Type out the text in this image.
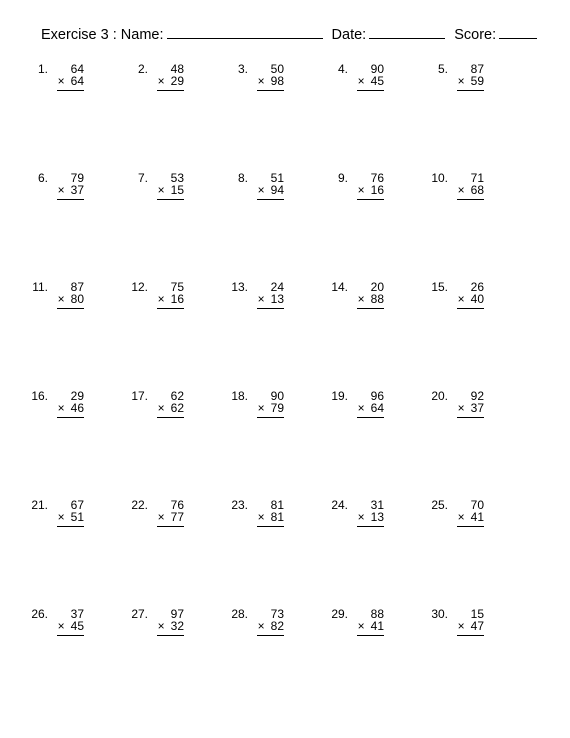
Exercise 3 : Name:	Date:	Score:
1.	64
× 64
2.	48
× 29
3.	50
× 98
4.	90
× 45
5.	87
× 59
6.	79
× 37
7.	53
× 15
8.	51
× 94
9.	76
× 16
10.	71
× 68
11.	87
× 80
12.	75
× 16
13.	24
× 13
14.	20
× 88
15.	26
× 40
16.	29
× 46
17.	62
× 62
18.	90
× 79
19.	96
× 64
20.	92
× 37
21.	67
× 51
22.	76
× 77
23.	81
× 81
24.	31
× 13
25.	70
× 41
26.	37
× 45
27.	97
× 32
28.	73
× 82
29.	88
× 41
30.	15
× 47
